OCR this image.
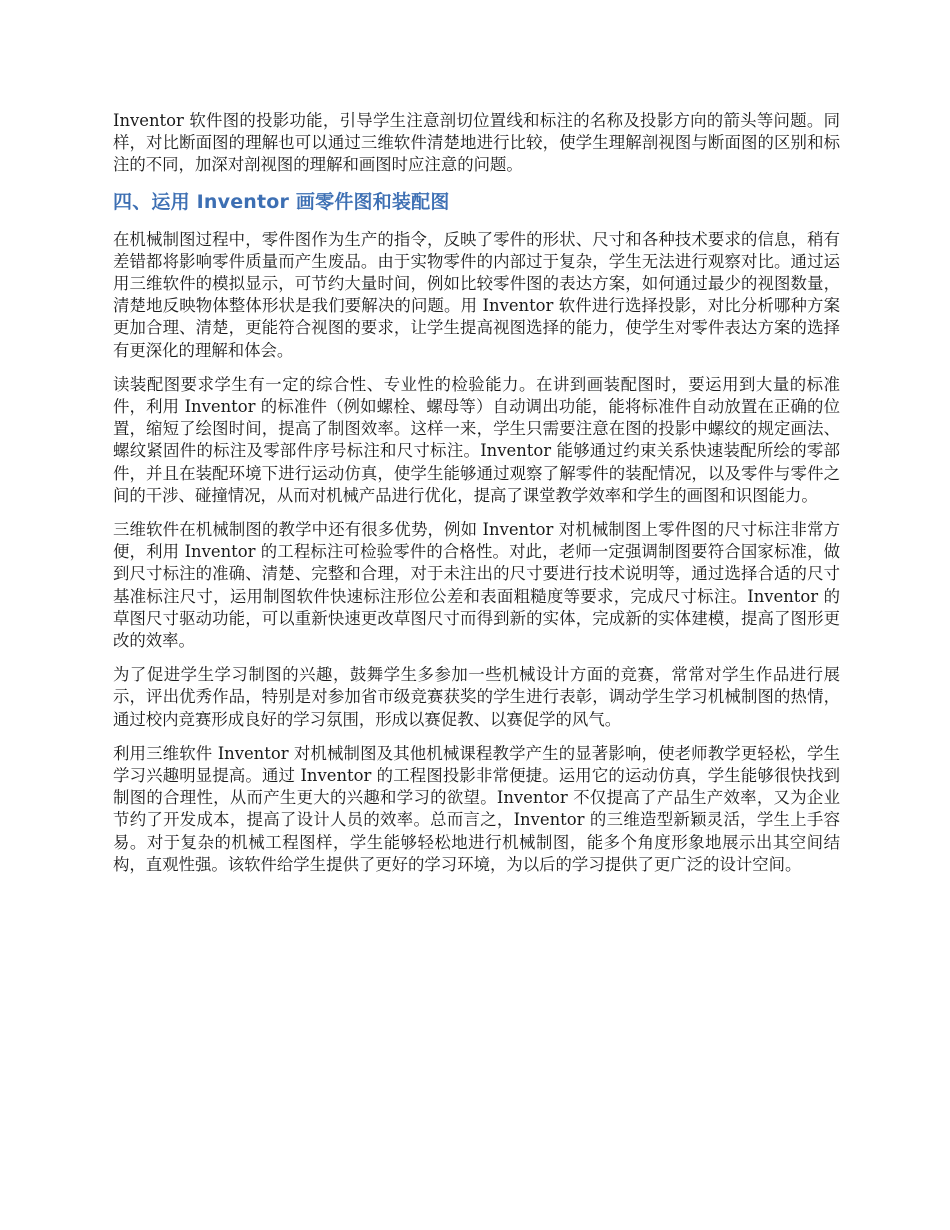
Inventor 软件图的投影功能，引导学生注意剖切位置线和标注的名称及投影方向的箭头等问题。同样，对比断面图的理解也可以通过三维软件清楚地进行比较，使学生理解剖视图与断面图的区别和标注的不同，加深对剖视图的理解和画图时应注意的问题。

四、运用 Inventor 画零件图和装配图

在机械制图过程中，零件图作为生产的指令，反映了零件的形状、尺寸和各种技术要求的信息，稍有差错都将影响零件质量而产生废品。由于实物零件的内部过于复杂，学生无法进行观察对比。通过运用三维软件的模拟显示，可节约大量时间，例如比较零件图的表达方案，如何通过最少的视图数量，清楚地反映物体整体形状是我们要解决的问题。用 Inventor 软件进行选择投影，对比分析哪种方案更加合理、清楚，更能符合视图的要求，让学生提高视图选择的能力，使学生对零件表达方案的选择有更深化的理解和体会。

读装配图要求学生有一定的综合性、专业性的检验能力。在讲到画装配图时，要运用到大量的标准件，利用 Inventor 的标准件（例如螺栓、螺母等）自动调出功能，能将标准件自动放置在正确的位置，缩短了绘图时间，提高了制图效率。这样一来，学生只需要注意在图的投影中螺纹的规定画法、螺纹紧固件的标注及零部件序号标注和尺寸标注。Inventor 能够通过约束关系快速装配所绘的零部件，并且在装配环境下进行运动仿真，使学生能够通过观察了解零件的装配情况，以及零件与零件之间的干涉、碰撞情况，从而对机械产品进行优化，提高了课堂教学效率和学生的画图和识图能力。

三维软件在机械制图的教学中还有很多优势，例如 Inventor 对机械制图上零件图的尺寸标注非常方便，利用 Inventor 的工程标注可检验零件的合格性。对此，老师一定强调制图要符合国家标准，做到尺寸标注的准确、清楚、完整和合理，对于未注出的尺寸要进行技术说明等，通过选择合适的尺寸基准标注尺寸，运用制图软件快速标注形位公差和表面粗糙度等要求，完成尺寸标注。Inventor 的草图尺寸驱动功能，可以重新快速更改草图尺寸而得到新的实体，完成新的实体建模，提高了图形更改的效率。

为了促进学生学习制图的兴趣，鼓舞学生多参加一些机械设计方面的竞赛，常常对学生作品进行展示，评出优秀作品，特别是对参加省市级竞赛获奖的学生进行表彰，调动学生学习机械制图的热情，通过校内竞赛形成良好的学习氛围，形成以赛促教、以赛促学的风气。

利用三维软件 Inventor 对机械制图及其他机械课程教学产生的显著影响，使老师教学更轻松，学生学习兴趣明显提高。通过 Inventor 的工程图投影非常便捷。运用它的运动仿真，学生能够很快找到制图的合理性，从而产生更大的兴趣和学习的欲望。Inventor 不仅提高了产品生产效率，又为企业节约了开发成本，提高了设计人员的效率。总而言之，Inventor 的三维造型新颖灵活，学生上手容易。对于复杂的机械工程图样，学生能够轻松地进行机械制图，能多个角度形象地展示出其空间结构，直观性强。该软件给学生提供了更好的学习环境，为以后的学习提供了更广泛的设计空间。
